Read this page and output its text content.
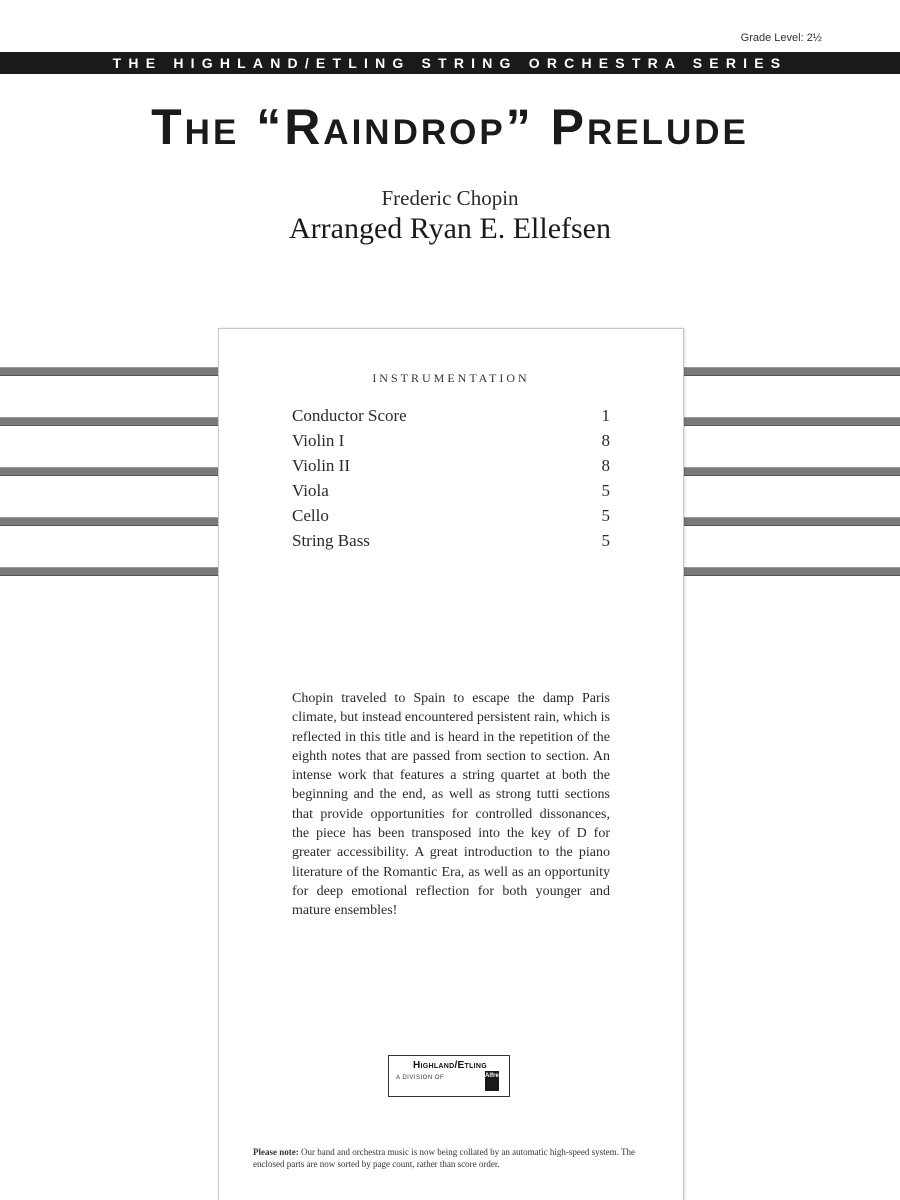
Grade Level: 2½
THE HIGHLAND/ETLING STRING ORCHESTRA SERIES
The “Raindrop” Prelude
Frederic Chopin
Arranged Ryan E. Ellefsen
INSTRUMENTATION
Conductor Score	1
Violin I	8
Violin II	8
Viola	5
Cello	5
String Bass	5
Chopin traveled to Spain to escape the damp Paris climate, but instead encountered persistent rain, which is reflected in this title and is heard in the repetition of the eighth notes that are passed from section to section. An intense work that features a string quartet at both the beginning and the end, as well as strong tutti sections that provide opportunities for controlled dissonances, the piece has been transposed into the key of D for greater accessibility. A great introduction to the piano literature of the Romantic Era, as well as an opportunity for deep emotional reflection for both younger and mature ensembles!
Highland/Etling
A DIVISION OF	Alfred
Please note: Our band and orchestra music is now being collated by an automatic high-speed system. The enclosed parts are now sorted by page count, rather than score order.
